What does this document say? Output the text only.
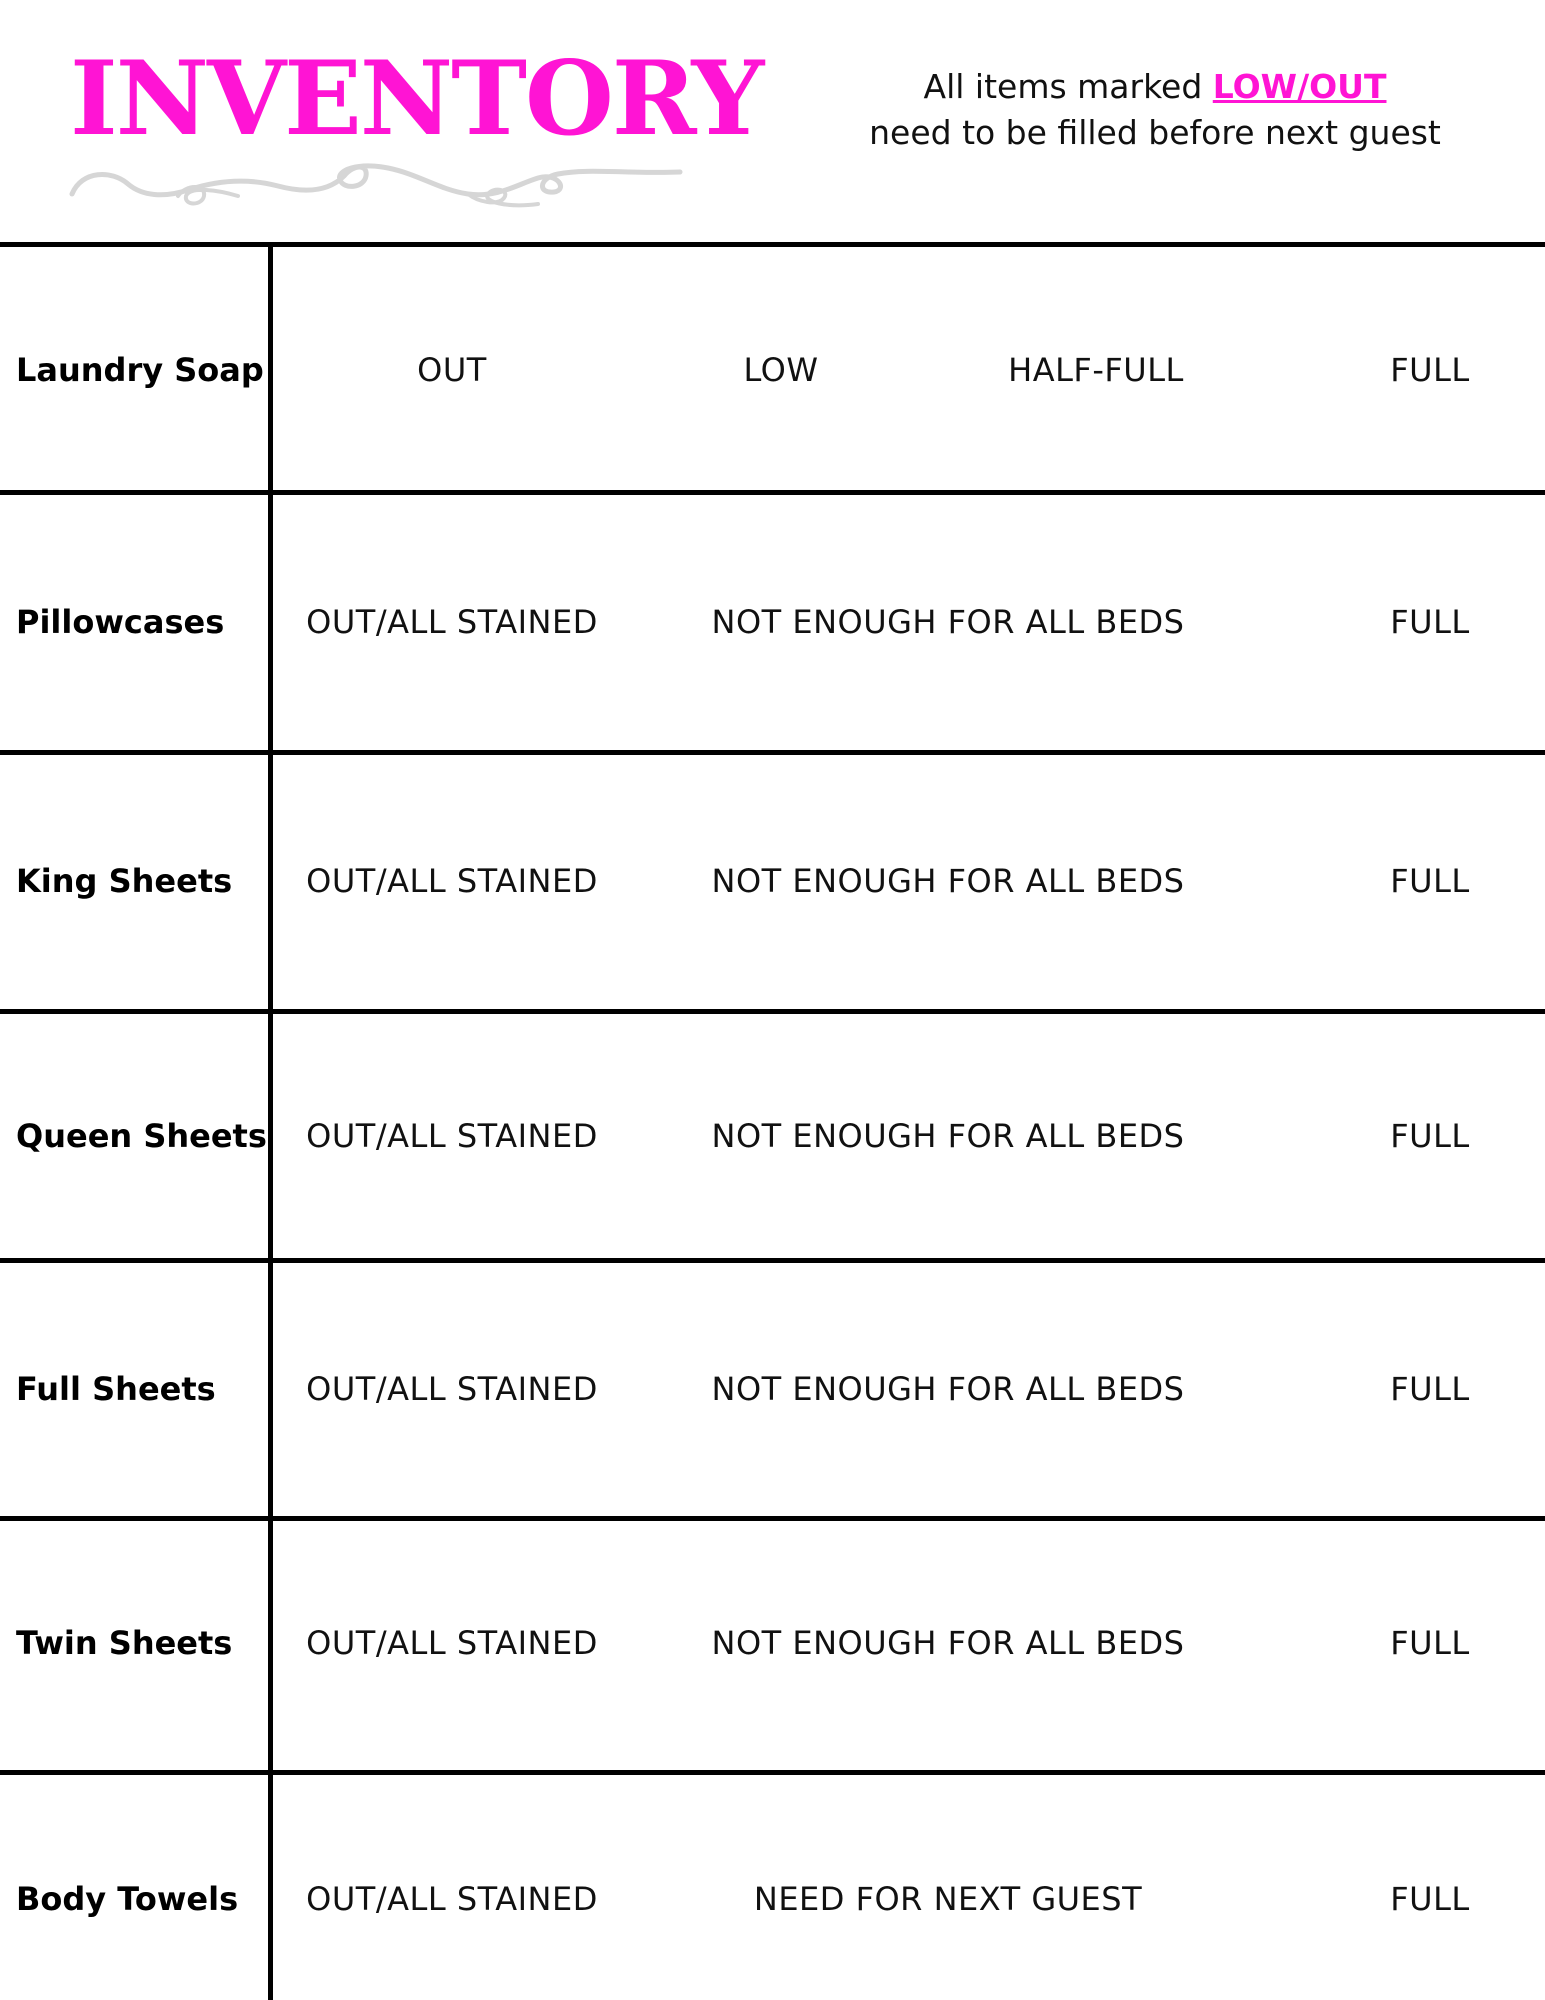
INVENTORY	All items marked LOW/OUT
need to be filled before next guest
Laundry Soap	OUT	LOW	HALF-FULL	FULL
Pillowcases	OUT/ALL STAINED	NOT ENOUGH FOR ALL BEDS	FULL
King Sheets OUT/ALL STAINED	NOT ENOUGH FOR ALL BEDS	FULL
Queen Sheets OUT/ALL STAINED	NOT ENOUGH FOR ALL BEDS	FULL
Full Sheets	OUT/ALL STAINED	NOT ENOUGH FOR ALL BEDS	FULL
Twin Sheets OUT/ALL STAINED	NOT ENOUGH FOR ALL BEDS	FULL
Body Towels OUT/ALL STAINED	NEED FOR NEXT GUEST	FULL
